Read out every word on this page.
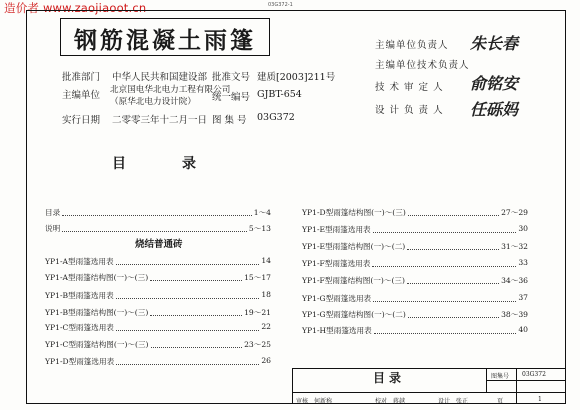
造价者 www.zaojiaoot.cn	03G372-1
钢筋混凝土雨篷
批准部门 中华人民共和国建设部
主编单位 北京国电华北电力工程有限公司
（原华北电力设计院）
实行日期 二零零三年十二月一日
批准文号 建质[2003]211号
统一编号 GJBT-654
图 集 号 03G372
主编单位负责人 朱长春
主编单位技术负责人
技 术 审 定 人 俞铭安
设 计 负 责 人 任砾妈
目录
目录	1～4
说明	5～13
烧结普通砖
YP1-A型雨篷选用表	14
YP1-A型雨篷结构图(一)～(三)	15～17
YP1-B型雨篷选用表	18
YP1-B型雨篷结构图(一)～(三)	19～21
YP1-C型雨篷选用表	22
YP1-C型雨篷结构图(一)～(三)	23～25
YP1-D型雨篷选用表	26
YP1-D型雨篷结构图(一)～(三)	27～29
YP1-E型雨篷选用表	30
YP1-E型雨篷结构图(一)～(二)	31～32
YP1-F型雨篷选用表	33
YP1-F型雨篷结构图(一)～(三)	34～36
YP1-G型雨篷选用表	37
YP1-G型雨篷结构图(一)～(二)	38～39
YP1-H型雨篷选用表	40
目录	图集号 03G372
页	1
审核 何新称	校对 蒋越	设计 张正
